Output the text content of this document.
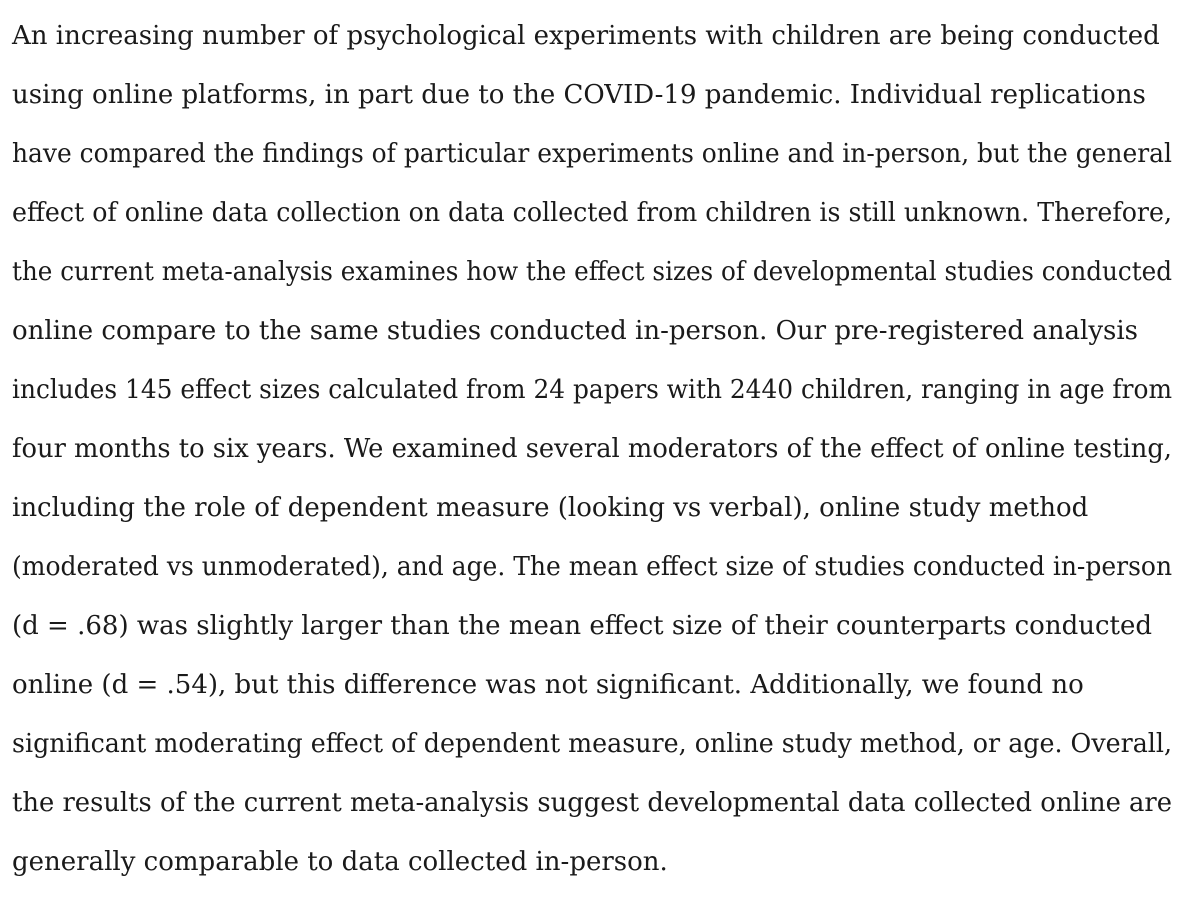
An increasing number of psychological experiments with children are being conducted
using online platforms, in part due to the COVID-19 pandemic. Individual replications
have compared the findings of particular experiments online and in-person, but the general
effect of online data collection on data collected from children is still unknown. Therefore,
the current meta-analysis examines how the effect sizes of developmental studies conducted
online compare to the same studies conducted in-person. Our pre-registered analysis
includes 145 effect sizes calculated from 24 papers with 2440 children, ranging in age from
four months to six years. We examined several moderators of the effect of online testing,
including the role of dependent measure (looking vs verbal), online study method
(moderated vs unmoderated), and age. The mean effect size of studies conducted in-person
(d = .68) was slightly larger than the mean effect size of their counterparts conducted
online (d = .54), but this difference was not significant. Additionally, we found no
significant moderating effect of dependent measure, online study method, or age. Overall,
the results of the current meta-analysis suggest developmental data collected online are
generally comparable to data collected in-person.
